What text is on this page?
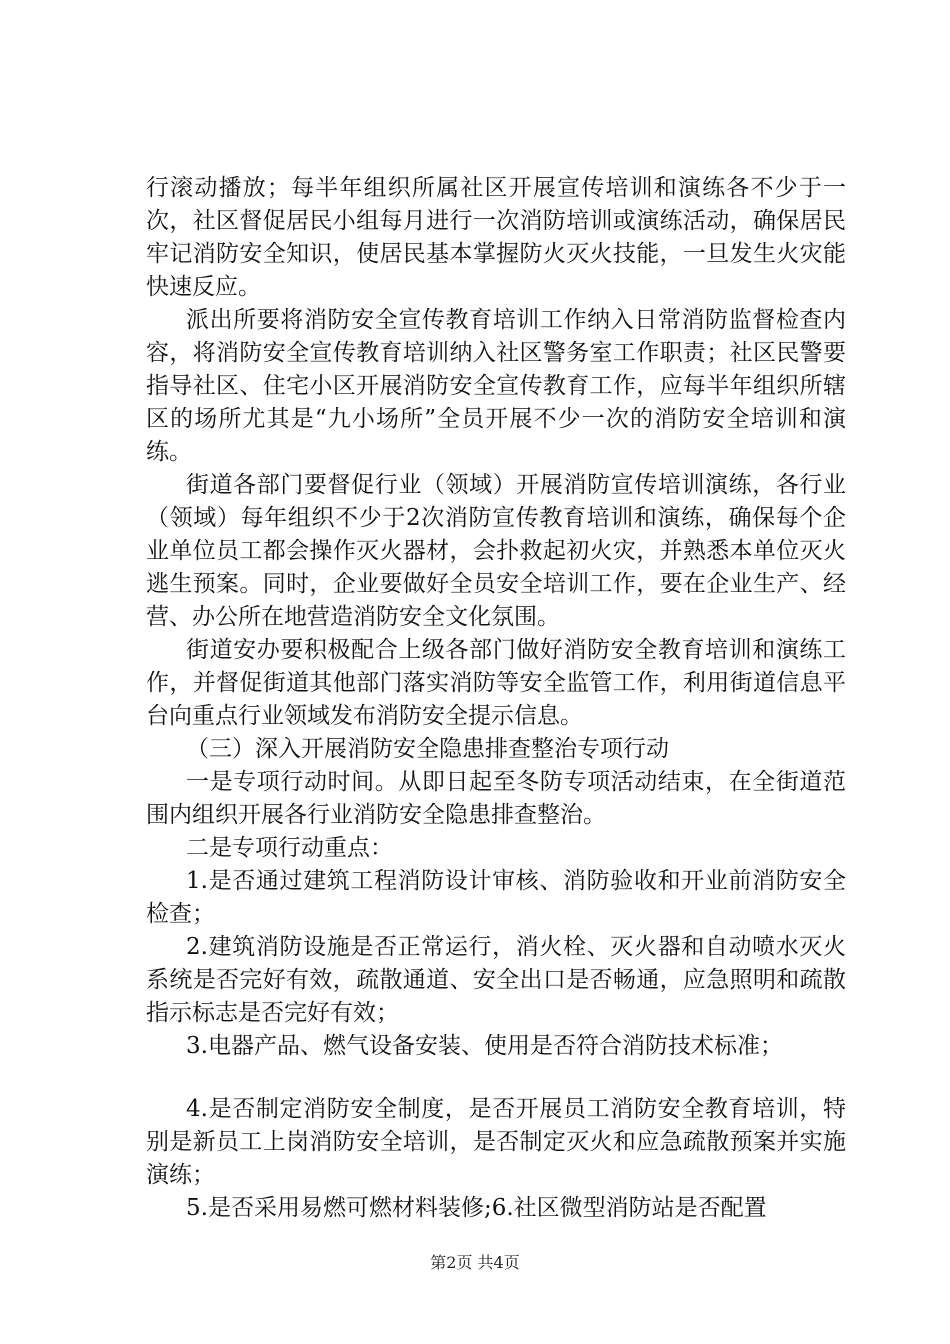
行滚动播放；每半年组织所属社区开展宣传培训和演练各不少于一次，社区督促居民小组每月进行一次消防培训或演练活动，确保居民牢记消防安全知识，使居民基本掌握防火灭火技能，一旦发生火灾能快速反应。

派出所要将消防安全宣传教育培训工作纳入日常消防监督检查内容，将消防安全宣传教育培训纳入社区警务室工作职责；社区民警要指导社区、住宅小区开展消防安全宣传教育工作，应每半年组织所辖区的场所尤其是“九小场所”全员开展不少一次的消防安全培训和演练。

街道各部门要督促行业（领域）开展消防宣传培训演练，各行业（领域）每年组织不少于2次消防宣传教育培训和演练，确保每个企业单位员工都会操作灭火器材，会扑救起初火灾，并熟悉本单位灭火逃生预案。同时，企业要做好全员安全培训工作，要在企业生产、经营、办公所在地营造消防安全文化氛围。

街道安办要积极配合上级各部门做好消防安全教育培训和演练工作，并督促街道其他部门落实消防等安全监管工作，利用街道信息平台向重点行业领域发布消防安全提示信息。

（三）深入开展消防安全隐患排查整治专项行动

一是专项行动时间。从即日起至冬防专项活动结束，在全街道范围内组织开展各行业消防安全隐患排查整治。

二是专项行动重点：

1.是否通过建筑工程消防设计审核、消防验收和开业前消防安全检查；

2.建筑消防设施是否正常运行，消火栓、灭火器和自动喷水灭火系统是否完好有效，疏散通道、安全出口是否畅通，应急照明和疏散指示标志是否完好有效；

3.电器产品、燃气设备安装、使用是否符合消防技术标准；

4.是否制定消防安全制度，是否开展员工消防安全教育培训，特别是新员工上岗消防安全培训，是否制定灭火和应急疏散预案并实施演练；

5.是否采用易燃可燃材料装修;6.社区微型消防站是否配置

第2页 共4页
